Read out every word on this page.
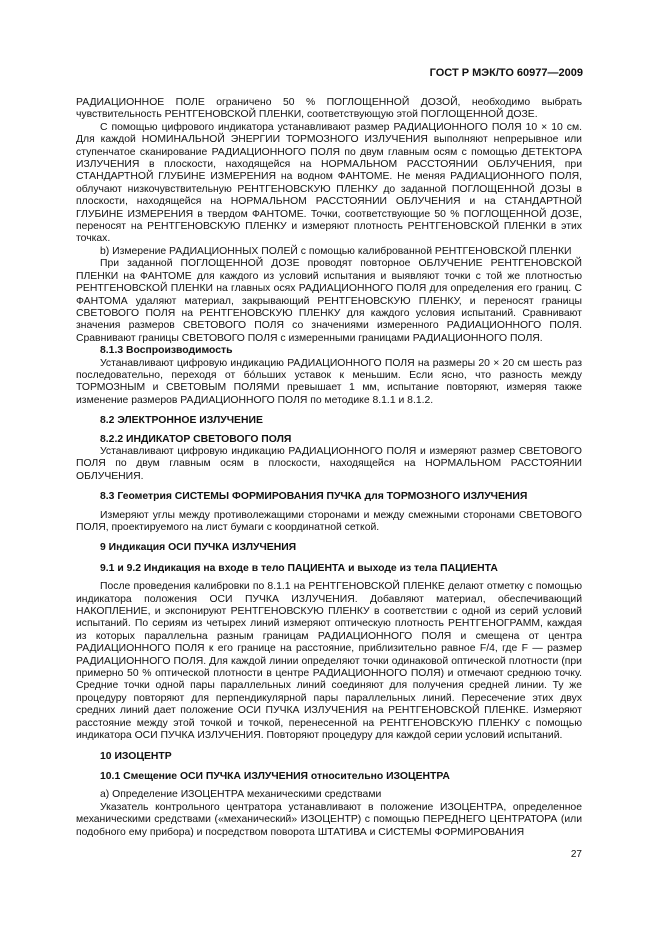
ГОСТ Р МЭК/ТО 60977—2009

РАДИАЦИОННОЕ ПОЛЕ ограничено 50 % ПОГЛОЩЕННОЙ ДОЗОЙ, необходимо выбрать чувствительность РЕНТГЕНОВСКОЙ ПЛЕНКИ, соответствующую этой ПОГЛОЩЕННОЙ ДОЗЕ.

С помощью цифрового индикатора устанавливают размер РАДИАЦИОННОГО ПОЛЯ 10 × 10 см. Для каждой НОМИНАЛЬНОЙ ЭНЕРГИИ ТОРМОЗНОГО ИЗЛУЧЕНИЯ выполняют непрерывное или ступенчатое сканирование РАДИАЦИОННОГО ПОЛЯ по двум главным осям с помощью ДЕТЕКТОРА ИЗЛУЧЕНИЯ в плоскости, находящейся на НОРМАЛЬНОМ РАССТОЯНИИ ОБЛУЧЕНИЯ, при СТАНДАРТНОЙ ГЛУБИНЕ ИЗМЕРЕНИЯ на водном ФАНТОМЕ. Не меняя РАДИАЦИОННОГО ПОЛЯ, облучают низкочувствительную РЕНТГЕНОВСКУЮ ПЛЕНКУ до заданной ПОГЛОЩЕННОЙ ДОЗЫ в плоскости, находящейся на НОРМАЛЬНОМ РАССТОЯНИИ ОБЛУЧЕНИЯ и на СТАНДАРТНОЙ ГЛУБИНЕ ИЗМЕРЕНИЯ в твердом ФАНТОМЕ. Точки, соответствующие 50 % ПОГЛОЩЕННОЙ ДОЗЕ, переносят на РЕНТГЕНОВСКУЮ ПЛЕНКУ и измеряют плотность РЕНТГЕНОВСКОЙ ПЛЕНКИ в этих точках.

b) Измерение РАДИАЦИОННЫХ ПОЛЕЙ с помощью калиброванной РЕНТГЕНОВСКОЙ ПЛЕНКИ

При заданной ПОГЛОЩЕННОЙ ДОЗЕ проводят повторное ОБЛУЧЕНИЕ РЕНТГЕНОВСКОЙ ПЛЕНКИ на ФАНТОМЕ для каждого из условий испытания и выявляют точки с той же плотностью РЕНТГЕНОВСКОЙ ПЛЕНКИ на главных осях РАДИАЦИОННОГО ПОЛЯ для определения его границ. С ФАНТОМА удаляют материал, закрывающий РЕНТГЕНОВСКУЮ ПЛЕНКУ, и переносят границы СВЕТОВОГО ПОЛЯ на РЕНТГЕНОВСКУЮ ПЛЕНКУ для каждого условия испытаний. Сравнивают значения размеров СВЕТОВОГО ПОЛЯ со значениями измеренного РАДИАЦИОННОГО ПОЛЯ. Сравнивают границы СВЕТОВОГО ПОЛЯ с измеренными границами РАДИАЦИОННОГО ПОЛЯ.

8.1.3 Воспроизводимость

Устанавливают цифровую индикацию РАДИАЦИОННОГО ПОЛЯ на размеры 20 × 20 см шесть раз последовательно, переходя от бо́льших уставок к меньшим. Если ясно, что разность между ТОРМОЗНЫМ и СВЕТОВЫМ ПОЛЯМИ превышает 1 мм, испытание повторяют, измеряя также изменение размеров РАДИАЦИОННОГО ПОЛЯ по методике 8.1.1 и 8.1.2.

8.2 ЭЛЕКТРОННОЕ ИЗЛУЧЕНИЕ

8.2.2 ИНДИКАТОР СВЕТОВОГО ПОЛЯ

Устанавливают цифровую индикацию РАДИАЦИОННОГО ПОЛЯ и измеряют размер СВЕТОВОГО ПОЛЯ по двум главным осям в плоскости, находящейся на НОРМАЛЬНОМ РАССТОЯНИИ ОБЛУЧЕНИЯ.

8.3 Геометрия СИСТЕМЫ ФОРМИРОВАНИЯ ПУЧКА для ТОРМОЗНОГО ИЗЛУЧЕНИЯ

Измеряют углы между противолежащими сторонами и между смежными сторонами СВЕТОВОГО ПОЛЯ, проектируемого на лист бумаги с координатной сеткой.

9 Индикация ОСИ ПУЧКА ИЗЛУЧЕНИЯ

9.1 и 9.2 Индикация на входе в тело ПАЦИЕНТА и выходе из тела ПАЦИЕНТА

После проведения калибровки по 8.1.1 на РЕНТГЕНОВСКОЙ ПЛЕНКЕ делают отметку с помощью индикатора положения ОСИ ПУЧКА ИЗЛУЧЕНИЯ. Добавляют материал, обеспечивающий НАКОПЛЕНИЕ, и экспонируют РЕНТГЕНОВСКУЮ ПЛЕНКУ в соответствии с одной из серий условий испытаний. По сериям из четырех линий измеряют оптическую плотность РЕНТГЕНОГРАММ, каждая из которых параллельна разным границам РАДИАЦИОННОГО ПОЛЯ и смещена от центра РАДИАЦИОННОГО ПОЛЯ к его границе на расстояние, приблизительно равное F/4, где F — размер РАДИАЦИОННОГО ПОЛЯ. Для каждой линии определяют точки одинаковой оптической плотности (при примерно 50 % оптической плотности в центре РАДИАЦИОННОГО ПОЛЯ) и отмечают среднюю точку. Средние точки одной пары параллельных линий соединяют для получения средней линии. Ту же процедуру повторяют для перпендикулярной пары параллельных линий. Пересечение этих двух средних линий дает положение ОСИ ПУЧКА ИЗЛУЧЕНИЯ на РЕНТГЕНОВСКОЙ ПЛЕНКЕ. Измеряют расстояние между этой точкой и точкой, перенесенной на РЕНТГЕНОВСКУЮ ПЛЕНКУ с помощью индикатора ОСИ ПУЧКА ИЗЛУЧЕНИЯ. Повторяют процедуру для каждой серии условий испытаний.

10 ИЗОЦЕНТР

10.1 Смещение ОСИ ПУЧКА ИЗЛУЧЕНИЯ относительно ИЗОЦЕНТРА

а) Определение ИЗОЦЕНТРА механическими средствами

Указатель контрольного центратора устанавливают в положение ИЗОЦЕНТРА, определенное механическими средствами («механический» ИЗОЦЕНТР) с помощью ПЕРЕДНЕГО ЦЕНТРАТОРА (или подобного ему прибора) и посредством поворота ШТАТИВА и СИСТЕМЫ ФОРМИРОВАНИЯ

27
